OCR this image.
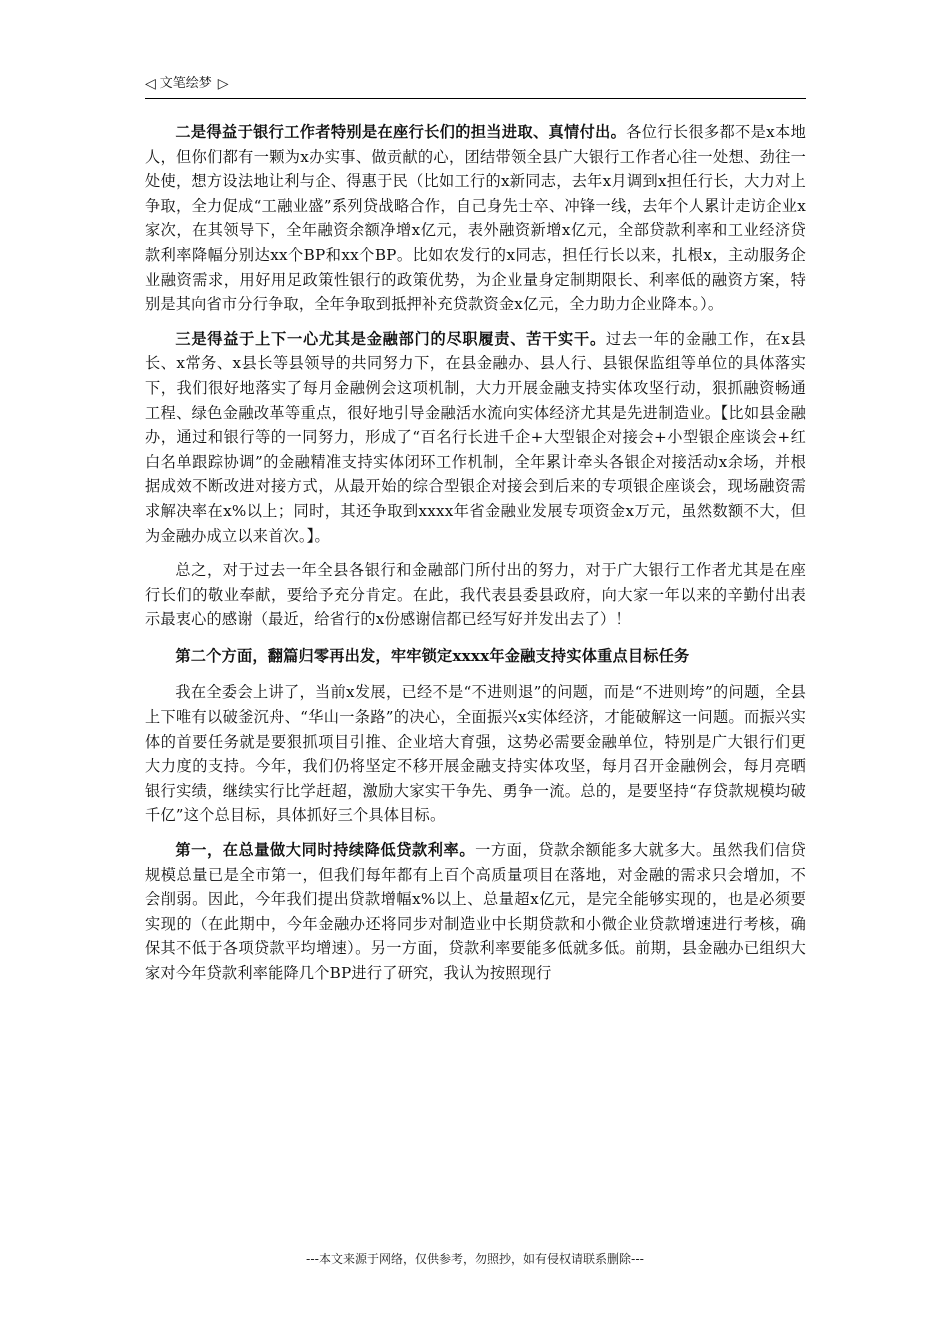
◁ 文笔绘梦 ▷

二是得益于银行工作者特别是在座行长们的担当进取、真情付出。各位行长很多都不是x本地人，但你们都有一颗为x办实事、做贡献的心，团结带领全县广大银行工作者心往一处想、劲往一处使，想方设法地让利与企、得惠于民（比如工行的x新同志，去年x月调到x担任行长，大力对上争取，全力促成“工融业盛”系列贷战略合作，自己身先士卒、冲锋一线，去年个人累计走访企业x家次，在其领导下，全年融资余额净增x亿元，表外融资新增x亿元，全部贷款利率和工业经济贷款利率降幅分别达xx个BP和xx个BP。比如农发行的x同志，担任行长以来，扎根x，主动服务企业融资需求，用好用足政策性银行的政策优势，为企业量身定制期限长、利率低的融资方案，特别是其向省市分行争取，全年争取到抵押补充贷款资金x亿元，全力助力企业降本。）。

三是得益于上下一心尤其是金融部门的尽职履责、苦干实干。过去一年的金融工作，在x县长、x常务、x县长等县领导的共同努力下，在县金融办、县人行、县银保监组等单位的具体落实下，我们很好地落实了每月金融例会这项机制，大力开展金融支持实体攻坚行动，狠抓融资畅通工程、绿色金融改革等重点，很好地引导金融活水流向实体经济尤其是先进制造业。【比如县金融办，通过和银行等的一同努力，形成了“百名行长进千企+大型银企对接会+小型银企座谈会+红白名单跟踪协调”的金融精准支持实体闭环工作机制，全年累计牵头各银企对接活动x余场，并根据成效不断改进对接方式，从最开始的综合型银企对接会到后来的专项银企座谈会，现场融资需求解决率在x%以上；同时，其还争取到xxxx年省金融业发展专项资金x万元，虽然数额不大，但为金融办成立以来首次。】。

总之，对于过去一年全县各银行和金融部门所付出的努力，对于广大银行工作者尤其是在座行长们的敬业奉献，要给予充分肯定。在此，我代表县委县政府，向大家一年以来的辛勤付出表示最衷心的感谢（最近，给省行的x份感谢信都已经写好并发出去了）！

第二个方面，翻篇归零再出发，牢牢锁定xxxx年金融支持实体重点目标任务

我在全委会上讲了，当前x发展，已经不是“不进则退”的问题，而是“不进则垮”的问题，全县上下唯有以破釜沉舟、“华山一条路”的决心，全面振兴x实体经济，才能破解这一问题。而振兴实体的首要任务就是要狠抓项目引推、企业培大育强，这势必需要金融单位，特别是广大银行们更大力度的支持。今年，我们仍将坚定不移开展金融支持实体攻坚，每月召开金融例会，每月亮晒银行实绩，继续实行比学赶超，激励大家实干争先、勇争一流。总的，是要坚持“存贷款规模均破千亿”这个总目标，具体抓好三个具体目标。

第一，在总量做大同时持续降低贷款利率。一方面，贷款余额能多大就多大。虽然我们信贷规模总量已是全市第一，但我们每年都有上百个高质量项目在落地，对金融的需求只会增加，不会削弱。因此，今年我们提出贷款增幅x%以上、总量超x亿元，是完全能够实现的，也是必须要实现的（在此期中，今年金融办还将同步对制造业中长期贷款和小微企业贷款增速进行考核，确保其不低于各项贷款平均增速）。另一方面，贷款利率要能多低就多低。前期，县金融办已组织大家对今年贷款利率能降几个BP进行了研究，我认为按照现行

---本文来源于网络，仅供参考，勿照抄，如有侵权请联系删除---
